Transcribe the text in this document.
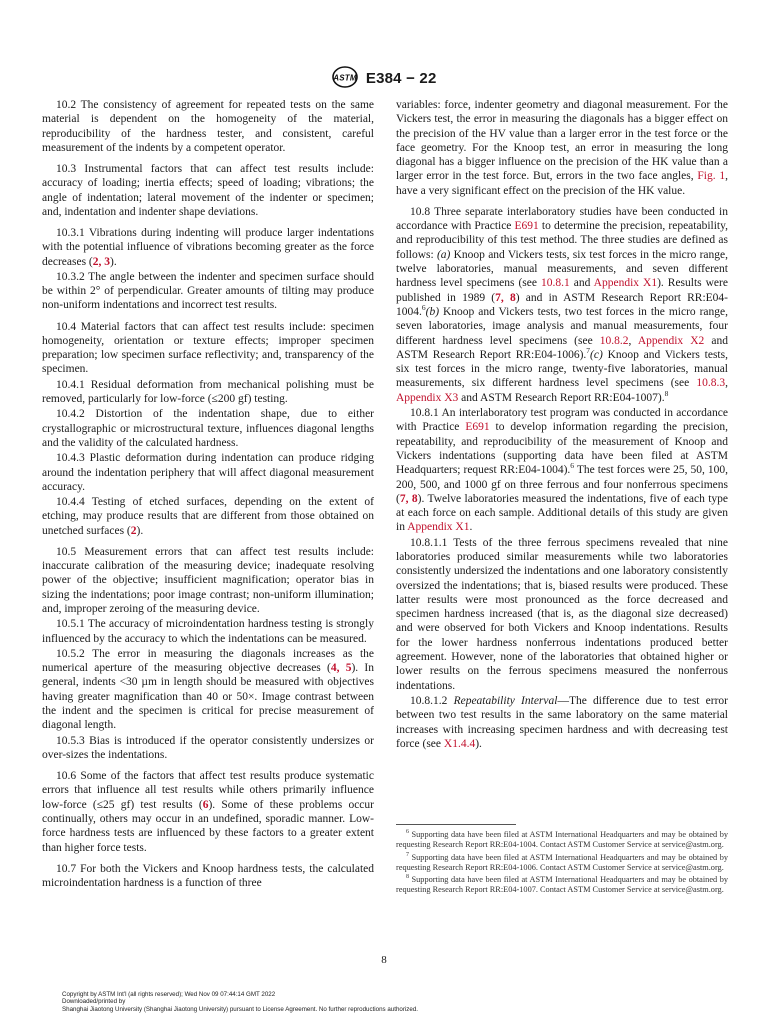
ASTM E384 − 22

10.2 The consistency of agreement for repeated tests on the same material is dependent on the homogeneity of the material, reproducibility of the hardness tester, and consistent, careful measurement of the indents by a competent operator.

10.3 Instrumental factors that can affect test results include: accuracy of loading; inertia effects; speed of loading; vibrations; the angle of indentation; lateral movement of the indenter or specimen; and, indentation and indenter shape deviations.

10.3.1 Vibrations during indenting will produce larger indentations with the potential influence of vibrations becoming greater as the force decreases (2, 3).

10.3.2 The angle between the indenter and specimen surface should be within 2° of perpendicular. Greater amounts of tilting may produce non-uniform indentations and incorrect test results.

10.4 Material factors that can affect test results include: specimen homogeneity, orientation or texture effects; improper specimen preparation; low specimen surface reflectivity; and, transparency of the specimen.

10.4.1 Residual deformation from mechanical polishing must be removed, particularly for low-force (≤200 gf) testing.

10.4.2 Distortion of the indentation shape, due to either crystallographic or microstructural texture, influences diagonal lengths and the validity of the calculated hardness.

10.4.3 Plastic deformation during indentation can produce ridging around the indentation periphery that will affect diagonal measurement accuracy.

10.4.4 Testing of etched surfaces, depending on the extent of etching, may produce results that are different from those obtained on unetched surfaces (2).

10.5 Measurement errors that can affect test results include: inaccurate calibration of the measuring device; inadequate resolving power of the objective; insufficient magnification; operator bias in sizing the indentations; poor image contrast; non-uniform illumination; and, improper zeroing of the measuring device.

10.5.1 The accuracy of microindentation hardness testing is strongly influenced by the accuracy to which the indentations can be measured.

10.5.2 The error in measuring the diagonals increases as the numerical aperture of the measuring objective decreases (4, 5). In general, indents <30 µm in length should be measured with objectives having greater magnification than 40 or 50×. Image contrast between the indent and the specimen is critical for precise measurement of diagonal length.

10.5.3 Bias is introduced if the operator consistently undersizes or over-sizes the indentations.

10.6 Some of the factors that affect test results produce systematic errors that influence all test results while others primarily influence low-force (≤25 gf) test results (6). Some of these problems occur continually, others may occur in an undefined, sporadic manner. Low-force hardness tests are influenced by these factors to a greater extent than higher force tests.

10.7 For both the Vickers and Knoop hardness tests, the calculated microindentation hardness is a function of three

variables: force, indenter geometry and diagonal measurement. For the Vickers test, the error in measuring the diagonals has a bigger effect on the precision of the HV value than a larger error in the test force or the face geometry. For the Knoop test, an error in measuring the long diagonal has a bigger influence on the precision of the HK value than a larger error in the test force. But, errors in the two face angles, Fig. 1, have a very significant effect on the precision of the HK value.

10.8 Three separate interlaboratory studies have been conducted in accordance with Practice E691 to determine the precision, repeatability, and reproducibility of this test method. The three studies are defined as follows: (a) Knoop and Vickers tests, six test forces in the micro range, twelve laboratories, manual measurements, and seven different hardness level specimens (see 10.8.1 and Appendix X1). Results were published in 1989 (7, 8) and in ASTM Research Report RR:E04-1004.$^6$(b) Knoop and Vickers tests, two test forces in the micro range, seven laboratories, image analysis and manual measurements, four different hardness level specimens (see 10.8.2, Appendix X2 and ASTM Research Report RR:E04-1006).$^7$(c) Knoop and Vickers tests, six test forces in the micro range, twenty-five laboratories, manual measurements, six different hardness level specimens (see 10.8.3, Appendix X3 and ASTM Research Report RR:E04-1007).$^8$

10.8.1 An interlaboratory test program was conducted in accordance with Practice E691 to develop information regarding the precision, repeatability, and reproducibility of the measurement of Knoop and Vickers indentations (supporting data have been filed at ASTM Headquarters; request RR:E04-1004).$^6$ The test forces were 25, 50, 100, 200, 500, and 1000 gf on three ferrous and four nonferrous specimens (7, 8). Twelve laboratories measured the indentations, five of each type at each force on each sample. Additional details of this study are given in Appendix X1.

10.8.1.1 Tests of the three ferrous specimens revealed that nine laboratories produced similar measurements while two laboratories consistently undersized the indentations and one laboratory consistently oversized the indentations; that is, biased results were produced. These latter results were most pronounced as the force decreased and specimen hardness increased (that is, as the diagonal size decreased) and were observed for both Vickers and Knoop indentations. Results for the lower hardness nonferrous indentations produced better agreement. However, none of the laboratories that obtained higher or lower results on the ferrous specimens measured the nonferrous indentations.

10.8.1.2 Repeatability Interval—The difference due to test error between two test results in the same laboratory on the same material increases with increasing specimen hardness and with decreasing test force (see X1.4.4).

$^6$ Supporting data have been filed at ASTM International Headquarters and may be obtained by requesting Research Report RR:E04-1004. Contact ASTM Customer Service at service@astm.org.

$^7$ Supporting data have been filed at ASTM International Headquarters and may be obtained by requesting Research Report RR:E04-1006. Contact ASTM Customer Service at service@astm.org.

$^8$ Supporting data have been filed at ASTM International Headquarters and may be obtained by requesting Research Report RR:E04-1007. Contact ASTM Customer Service at service@astm.org.

8
Copyright by ASTM Int'l (all rights reserved); Wed Nov 09 07:44:14 GMT 2022
Downloaded/printed by
Shanghai Jiaotong University (Shanghai Jiaotong University) pursuant to License Agreement. No further reproductions authorized.
